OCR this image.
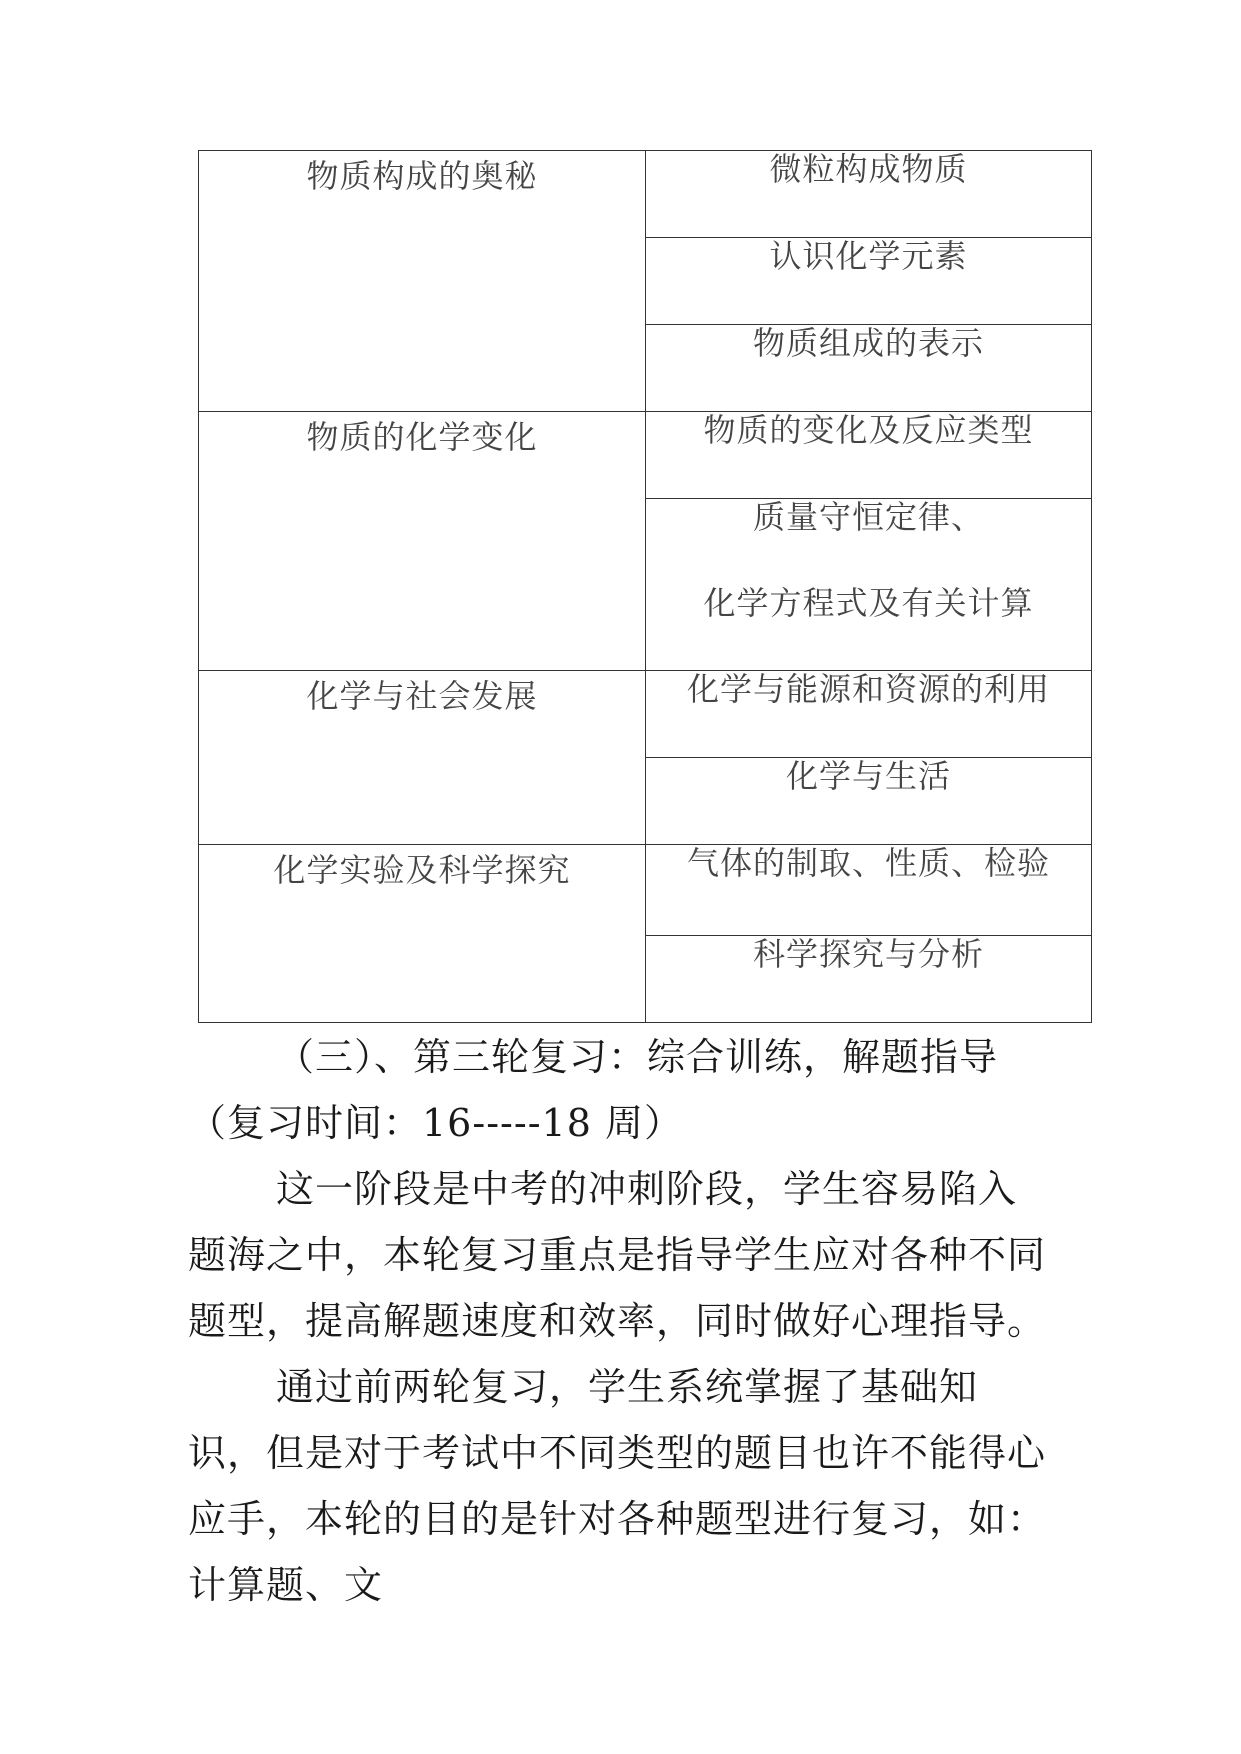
物质构成的奥秘	微粒构成物质

	认识化学元素

	物质组成的表示

物质的化学变化	物质的变化及反应类型

	质量守恒定律、
化学方程式及有关计算

化学与社会发展	化学与能源和资源的利用

	化学与生活

化学实验及科学探究	气体的制取、性质、检验

	科学探究与分析

（三）、第三轮复习：综合训练，解题指导（复习时间：16-----18 周）

这一阶段是中考的冲刺阶段，学生容易陷入题海之中，本轮复习重点是指导学生应对各种不同题型，提高解题速度和效率，同时做好心理指导。

通过前两轮复习，学生系统掌握了基础知识，但是对于考试中不同类型的题目也许不能得心应手，本轮的目的是针对各种题型进行复习，如：计算题、文
